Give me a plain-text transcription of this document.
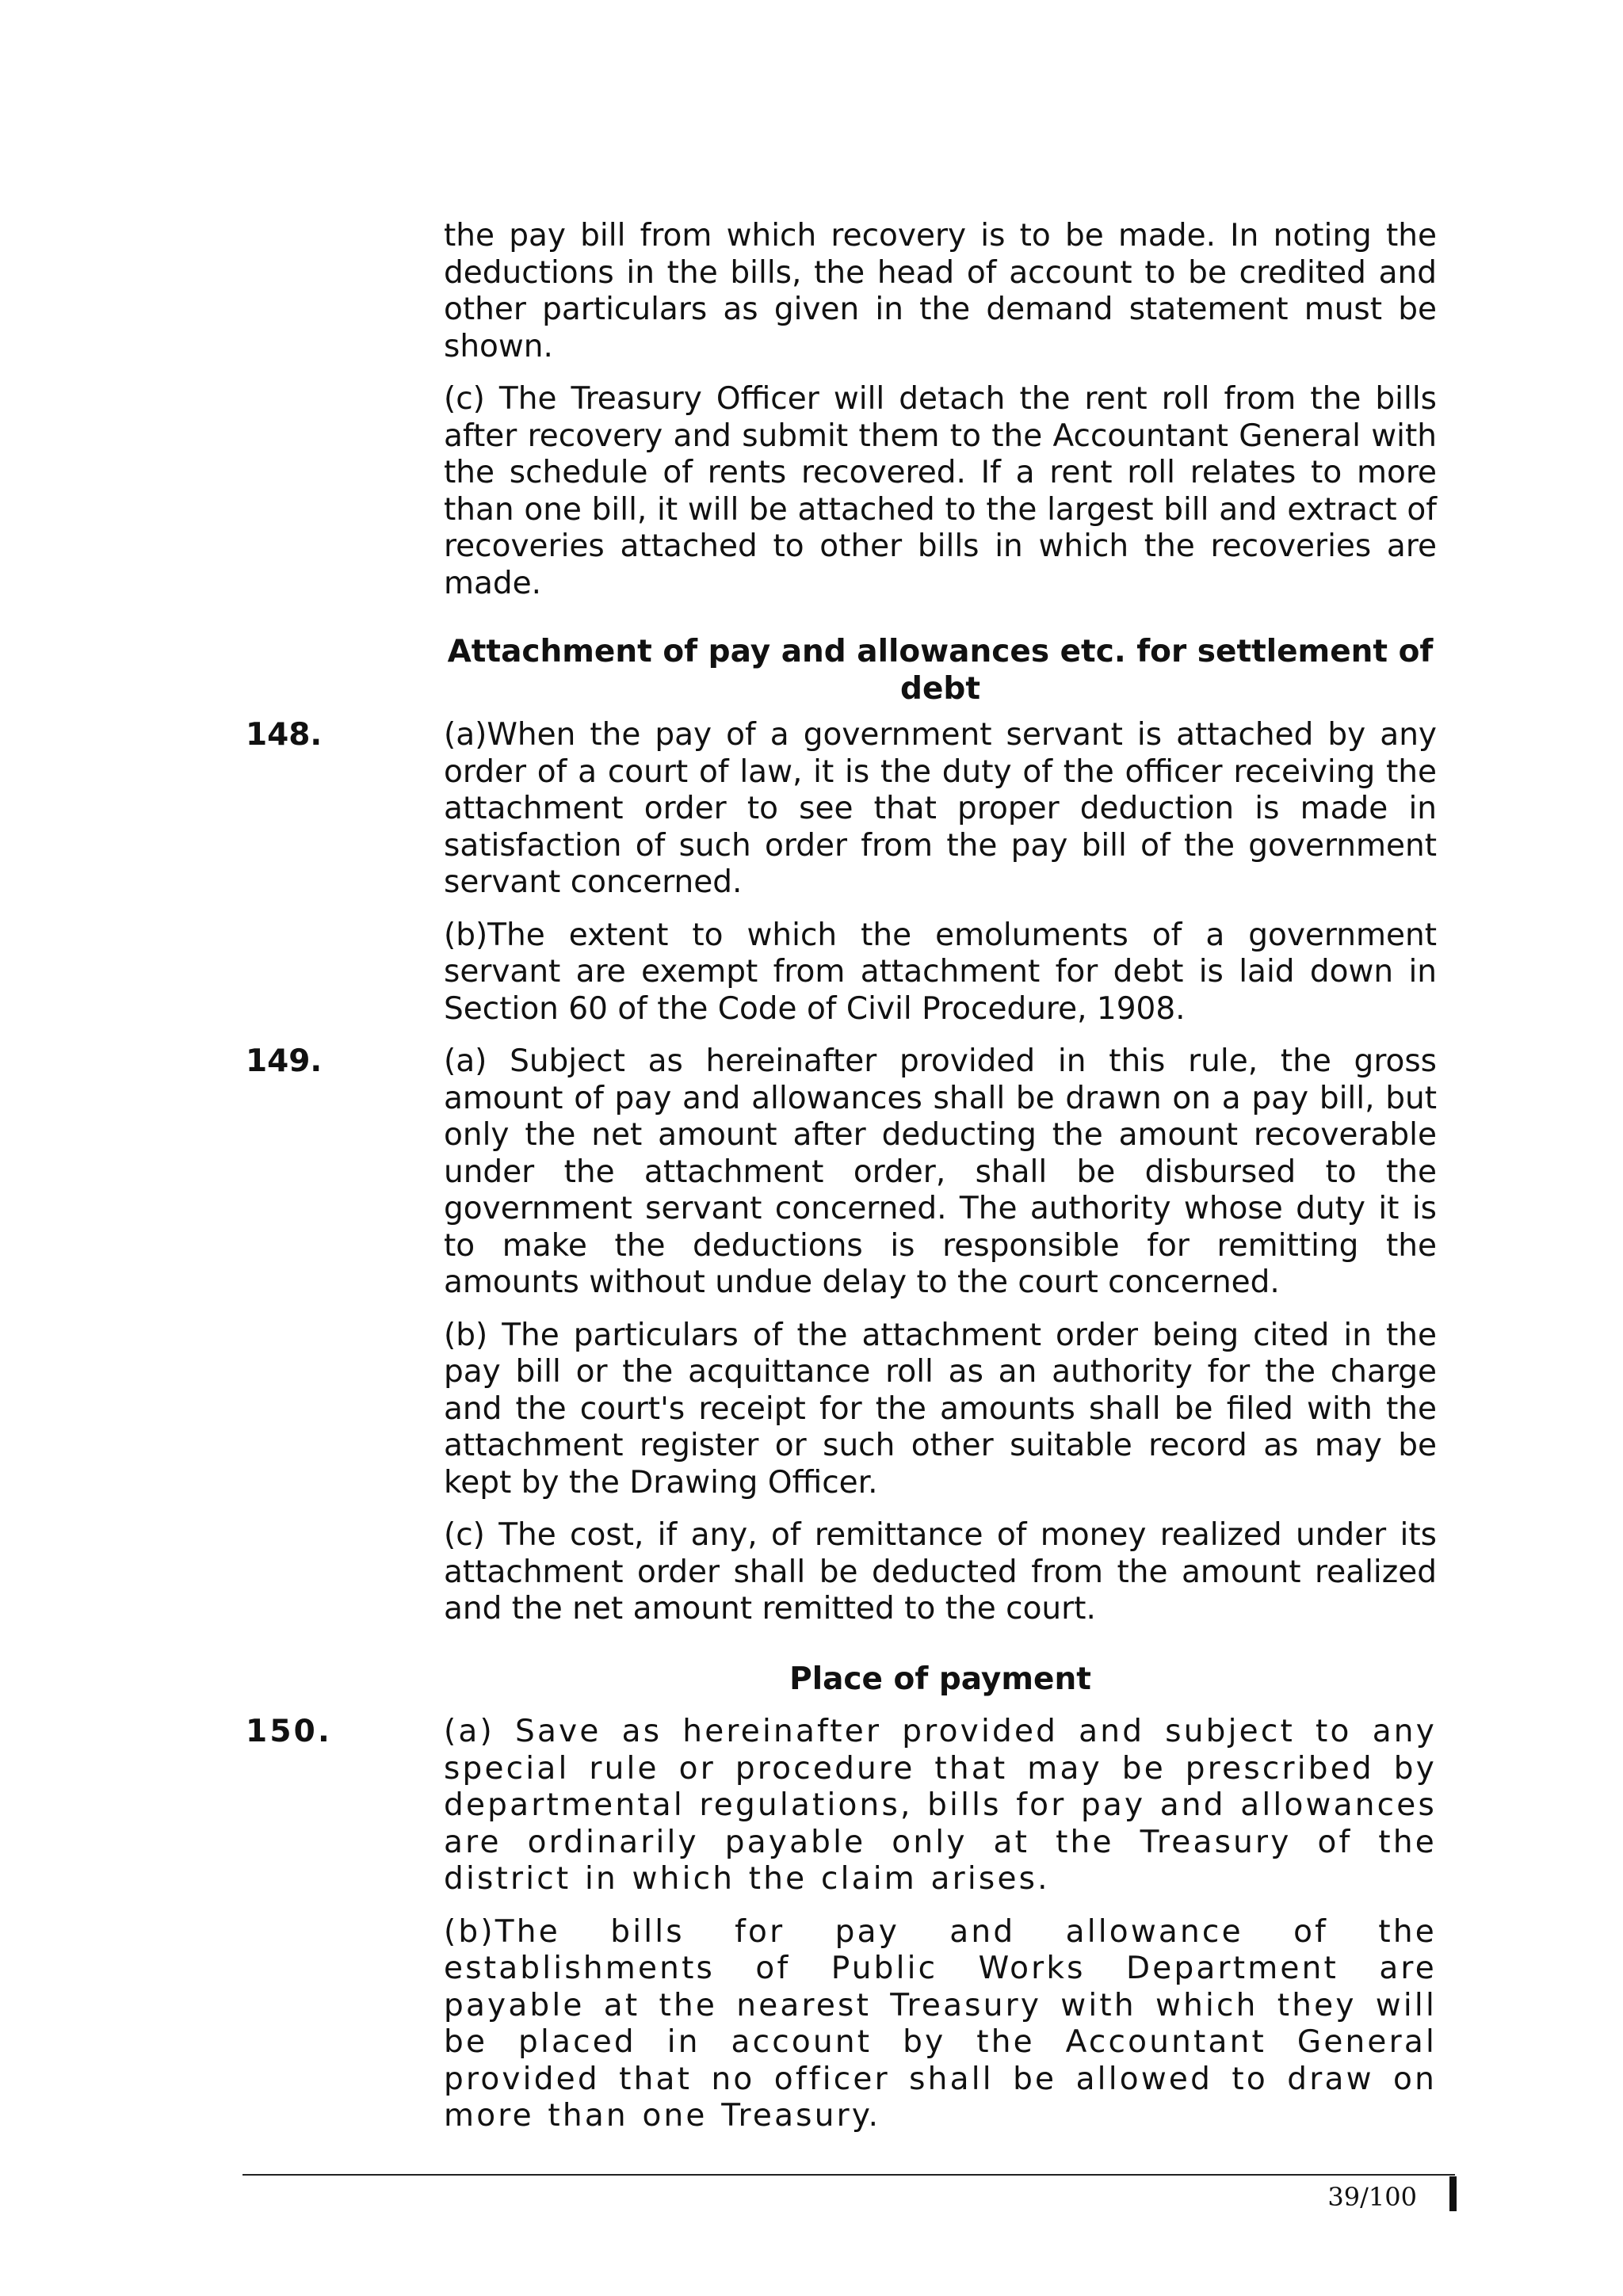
the pay bill from which recovery is to be made. In noting the deductions in the bills, the head of account to be credited and other particulars as given in the demand statement must be shown.

(c) The Treasury Officer will detach the rent roll from the bills after recovery and submit them to the Accountant General with the schedule of rents recovered. If a rent roll relates to more than one bill, it will be attached to the largest bill and extract of recoveries attached to other bills in which the recoveries are made.

Attachment of pay and allowances etc. for settlement of debt
148.	(a)When the pay of a government servant is attached by any order of a court of law, it is the duty of the officer receiving the attachment order to see that proper deduction is made in satisfaction of such order from the pay bill of the government servant concerned.

(b)The extent to which the emoluments of a government servant are exempt from attachment for debt is laid down in Section 60 of the Code of Civil Procedure, 1908.

149.	(a) Subject as hereinafter provided in this rule, the gross amount of pay and allowances shall be drawn on a pay bill, but only the net amount after deducting the amount recoverable under the attachment order, shall be disbursed to the government servant concerned. The authority whose duty it is to make the deductions is responsible for remitting the amounts without undue delay to the court concerned.

(b) The particulars of the attachment order being cited in the pay bill or the acquittance roll as an authority for the charge and the court's receipt for the amounts shall be filed with the attachment register or such other suitable record as may be kept by the Drawing Officer.

(c) The cost, if any, of remittance of money realized under its attachment order shall be deducted from the amount realized and the net amount remitted to the court.

Place of payment
150.	(a) Save as hereinafter provided and subject to any special rule or procedure that may be prescribed by departmental regulations, bills for pay and allowances are ordinarily payable only at the Treasury of the district in which the claim arises.

(b)The bills for pay and allowance of the establishments of Public Works Department are payable at the nearest Treasury with which they will be placed in account by the Accountant General provided that no officer shall be allowed to draw on more than one Treasury.

39/100
